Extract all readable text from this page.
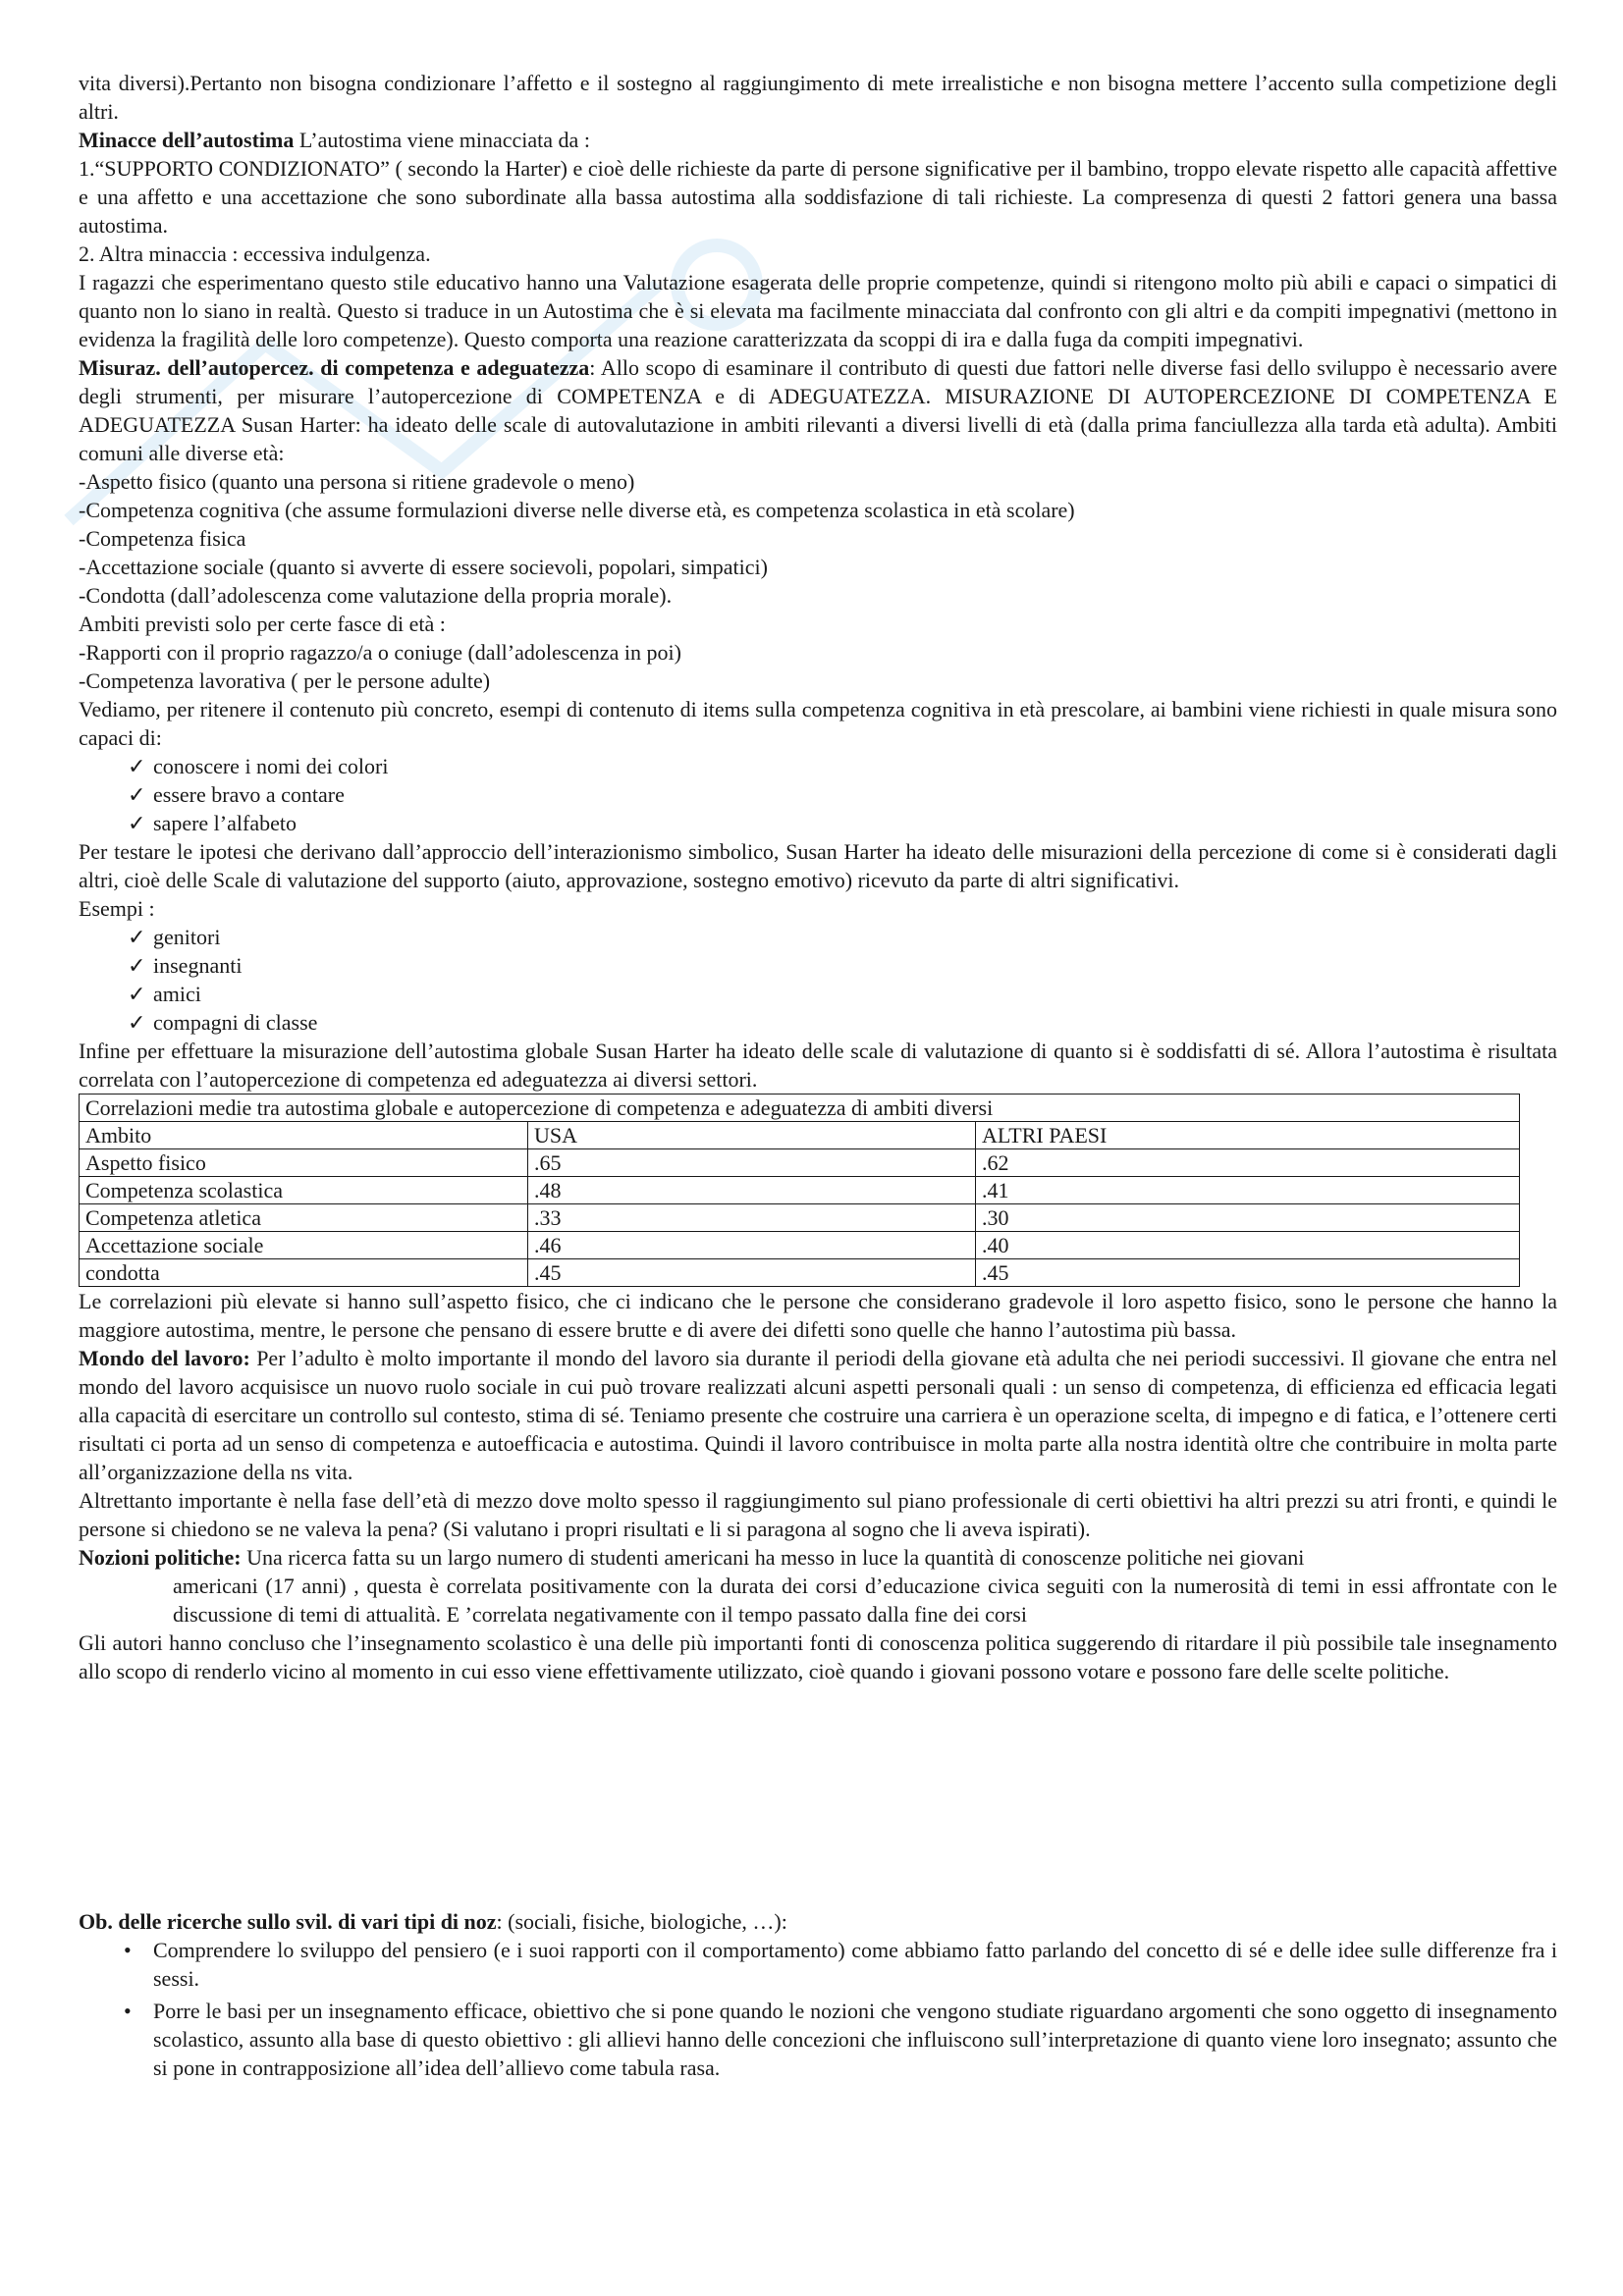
vita diversi).Pertanto non bisogna condizionare l’affetto e il sostegno al raggiungimento di mete irrealistiche e non bisogna mettere l’accento sulla competizione degli altri.

Minacce dell’autostima L’autostima viene minacciata da :

1.“SUPPORTO CONDIZIONATO” ( secondo la Harter) e cioè delle richieste da parte di persone significative per il bambino, troppo elevate rispetto alle capacità affettive e una affetto e una accettazione che sono subordinate alla bassa autostima alla soddisfazione di tali richieste. La compresenza di questi 2 fattori genera una bassa autostima.

2. Altra minaccia : eccessiva indulgenza.

I ragazzi che esperimentano questo stile educativo hanno una Valutazione esagerata delle proprie competenze, quindi si ritengono molto più abili e capaci o simpatici di quanto non lo siano in realtà. Questo si traduce in un Autostima che è si elevata ma facilmente minacciata dal confronto con gli altri e da compiti impegnativi (mettono in evidenza la fragilità delle loro competenze). Questo comporta una reazione caratterizzata da scoppi di ira e dalla fuga da compiti impegnativi.

Misuraz. dell’autopercez. di competenza e adeguatezza: Allo scopo di esaminare il contributo di questi due fattori nelle diverse fasi dello sviluppo è necessario avere degli strumenti, per misurare l’autopercezione di COMPETENZA e di ADEGUATEZZA. MISURAZIONE DI AUTOPERCEZIONE DI COMPETENZA E ADEGUATEZZA Susan Harter: ha ideato delle scale di autovalutazione in ambiti rilevanti a diversi livelli di età (dalla prima fanciullezza alla tarda età adulta). Ambiti comuni alle diverse età:

-Aspetto fisico (quanto una persona si ritiene gradevole o meno)

-Competenza cognitiva (che assume formulazioni diverse nelle diverse età, es competenza scolastica in età scolare)

-Competenza fisica

-Accettazione sociale (quanto si avverte di essere socievoli, popolari, simpatici)

-Condotta (dall’adolescenza come valutazione della propria morale).

Ambiti previsti solo per certe fasce di età :

-Rapporti con il proprio ragazzo/a o coniuge (dall’adolescenza in poi)

-Competenza lavorativa ( per le persone adulte)

Vediamo, per ritenere il contenuto più concreto, esempi di contenuto di items sulla competenza cognitiva in età prescolare, ai bambini viene richiesti in quale misura sono capaci di:

✓ conoscere i nomi dei colori
✓ essere bravo a contare
✓ sapere l’alfabeto

Per testare le ipotesi che derivano dall’approccio dell’interazionismo simbolico, Susan Harter ha ideato delle misurazioni della percezione di come si è considerati dagli altri, cioè delle Scale di valutazione del supporto (aiuto, approvazione, sostegno emotivo) ricevuto da parte di altri significativi.

Esempi :

✓ genitori
✓ insegnanti
✓ amici
✓ compagni di classe

Infine per effettuare la misurazione dell’autostima globale Susan Harter ha ideato delle scale di valutazione di quanto si è soddisfatti di sé. Allora l’autostima è risultata correlata con l’autopercezione di competenza ed adeguatezza ai diversi settori.

Correlazioni medie tra autostima globale e autopercezione di competenza e adeguatezza di ambiti diversi		
Ambito	USA	ALTRI PAESI
Aspetto fisico	.65	.62
Competenza scolastica	.48	.41
Competenza atletica	.33	.30
Accettazione sociale	.46	.40
condotta	.45	.45

Le correlazioni più elevate si hanno sull’aspetto fisico, che ci indicano che le persone che considerano gradevole il loro aspetto fisico, sono le persone che hanno la maggiore autostima, mentre, le persone che pensano di essere brutte e di avere dei difetti sono quelle che hanno l’autostima più bassa.

Mondo del lavoro: Per l’adulto è molto importante il mondo del lavoro sia durante il periodi della giovane età adulta che nei periodi successivi. Il giovane che entra nel mondo del lavoro acquisisce un nuovo ruolo sociale in cui può trovare realizzati alcuni aspetti personali quali : un senso di competenza, di efficienza ed efficacia legati alla capacità di esercitare un controllo sul contesto, stima di sé. Teniamo presente che costruire una carriera è un operazione scelta, di impegno e di fatica, e l’ottenere certi risultati ci porta ad un senso di competenza e autoefficacia e autostima. Quindi il lavoro contribuisce in molta parte alla nostra identità oltre che contribuire in molta parte all’organizzazione della ns vita.

Altrettanto importante è nella fase dell’età di mezzo dove molto spesso il raggiungimento sul piano professionale di certi obiettivi ha altri prezzi su atri fronti, e quindi le persone si chiedono se ne valeva la pena? (Si valutano i propri risultati e li si paragona al sogno che li aveva ispirati).

Nozioni politiche: Una ricerca fatta su un largo numero di studenti americani ha messo in luce la quantità di conoscenze politiche nei giovani

americani (17 anni) , questa è correlata positivamente con la durata dei corsi d’educazione civica seguiti con la numerosità di temi in essi affrontate con le discussione di temi di attualità. E ’correlata negativamente con il tempo passato dalla fine dei corsi

Gli autori hanno concluso che l’insegnamento scolastico è una delle più importanti fonti di conoscenza politica suggerendo di ritardare il più possibile tale insegnamento allo scopo di renderlo vicino al momento in cui esso viene effettivamente utilizzato, cioè quando i giovani possono votare e possono fare delle scelte politiche.

Ob. delle ricerche sullo svil. di vari tipi di noz: (sociali, fisiche, biologiche, …):

• Comprendere lo sviluppo del pensiero (e i suoi rapporti con il comportamento) come abbiamo fatto parlando del concetto di sé e delle idee sulle differenze fra i sessi.
• Porre le basi per un insegnamento efficace, obiettivo che si pone quando le nozioni che vengono studiate riguardano argomenti che sono oggetto di insegnamento scolastico, assunto alla base di questo obiettivo : gli allievi hanno delle concezioni che influiscono sull’interpretazione di quanto viene loro insegnato; assunto che si pone in contrapposizione all’idea dell’allievo come tabula rasa.
